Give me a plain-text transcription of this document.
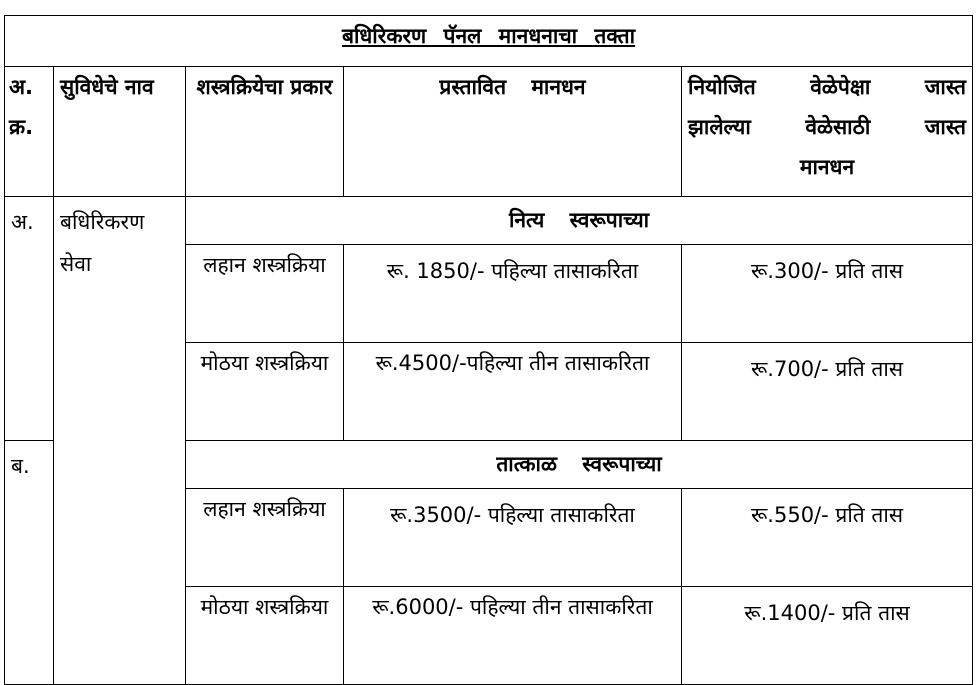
बधिरिकरण पॅनल मानधनाचा तक्ता				
अ. क्र.	सुविधेचे नाव	शस्त्रक्रियेचा प्रकार	प्रस्तावित मानधन	नियोजित वेळेपेक्षा जास्त झालेल्या वेळेसाठी जास्त मानधन
अ.	बधिरिकरण सेवा	नित्य स्वरूपाच्या		
		लहान शस्त्रक्रिया	रू. 1850/- पहिल्या तासाकरिता	रू.300/- प्रति तास
		मोठया शस्त्रक्रिया	रू.4500/-पहिल्या तीन तासाकरिता	रू.700/- प्रति तास
ब.		तात्काळ स्वरूपाच्या		
		लहान शस्त्रक्रिया	रू.3500/- पहिल्या तासाकरिता	रू.550/- प्रति तास
		मोठया शस्त्रक्रिया	रू.6000/- पहिल्या तीन तासाकरिता	रू.1400/- प्रति तास
